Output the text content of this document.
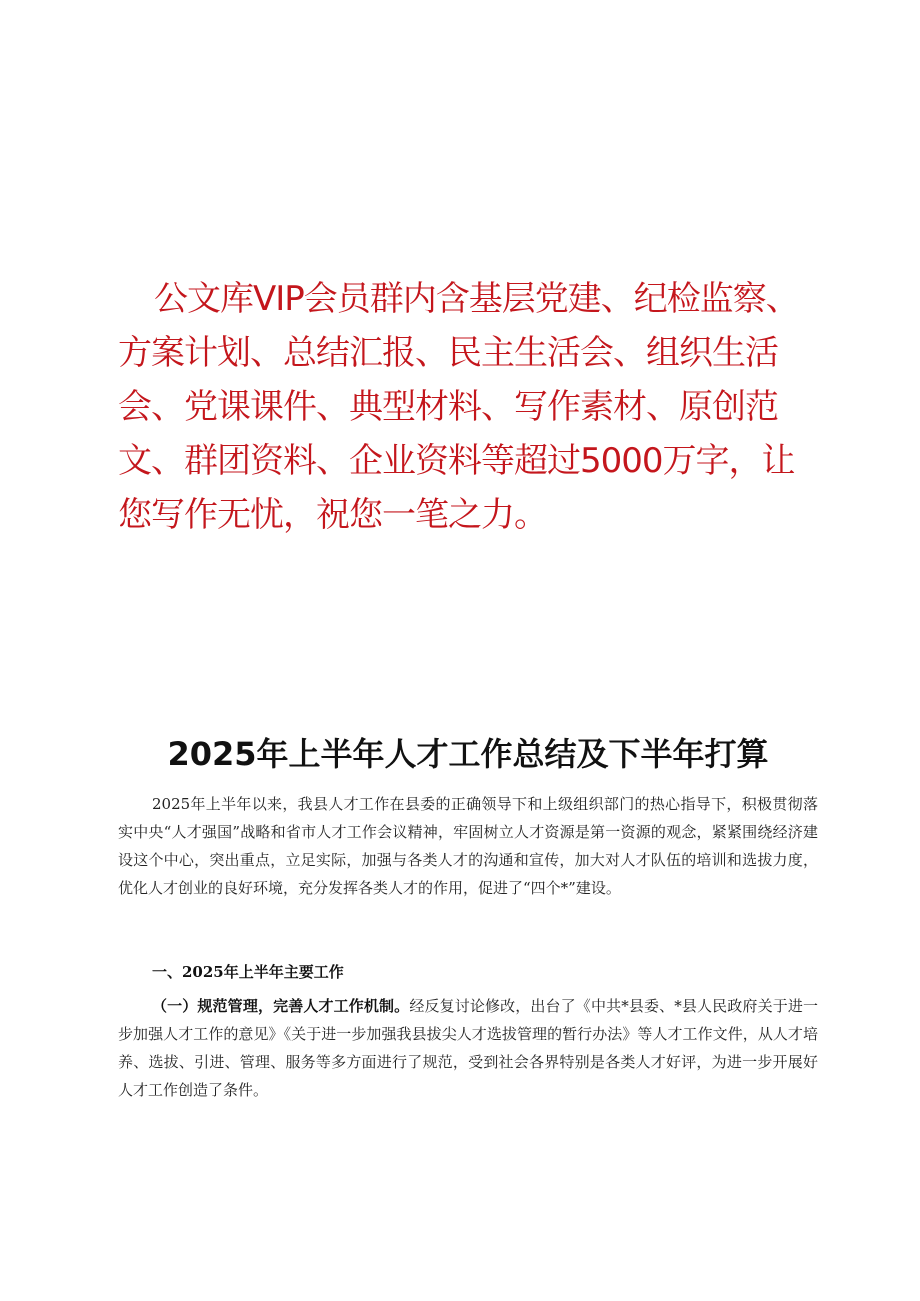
公文库VIP会员群内含基层党建、纪检监察、方案计划、总结汇报、民主生活会、组织生活会、党课课件、典型材料、写作素材、原创范文、群团资料、企业资料等超过5000万字，让您写作无忧，祝您一笔之力。

2025年上半年人才工作总结及下半年打算

2025年上半年以来，我县人才工作在县委的正确领导下和上级组织部门的热心指导下，积极贯彻落实中央“人才强国”战略和省市人才工作会议精神，牢固树立人才资源是第一资源的观念，紧紧围绕经济建设这个中心，突出重点，立足实际，加强与各类人才的沟通和宣传，加大对人才队伍的培训和选拔力度，优化人才创业的良好环境，充分发挥各类人才的作用，促进了“四个*”建设。

一、2025年上半年主要工作

（一）规范管理，完善人才工作机制。经反复讨论修改，出台了《中共*县委、*县人民政府关于进一步加强人才工作的意见》《关于进一步加强我县拔尖人才选拔管理的暂行办法》等人才工作文件，从人才培养、选拔、引进、管理、服务等多方面进行了规范，受到社会各界特别是各类人才好评，为进一步开展好人才工作创造了条件。
